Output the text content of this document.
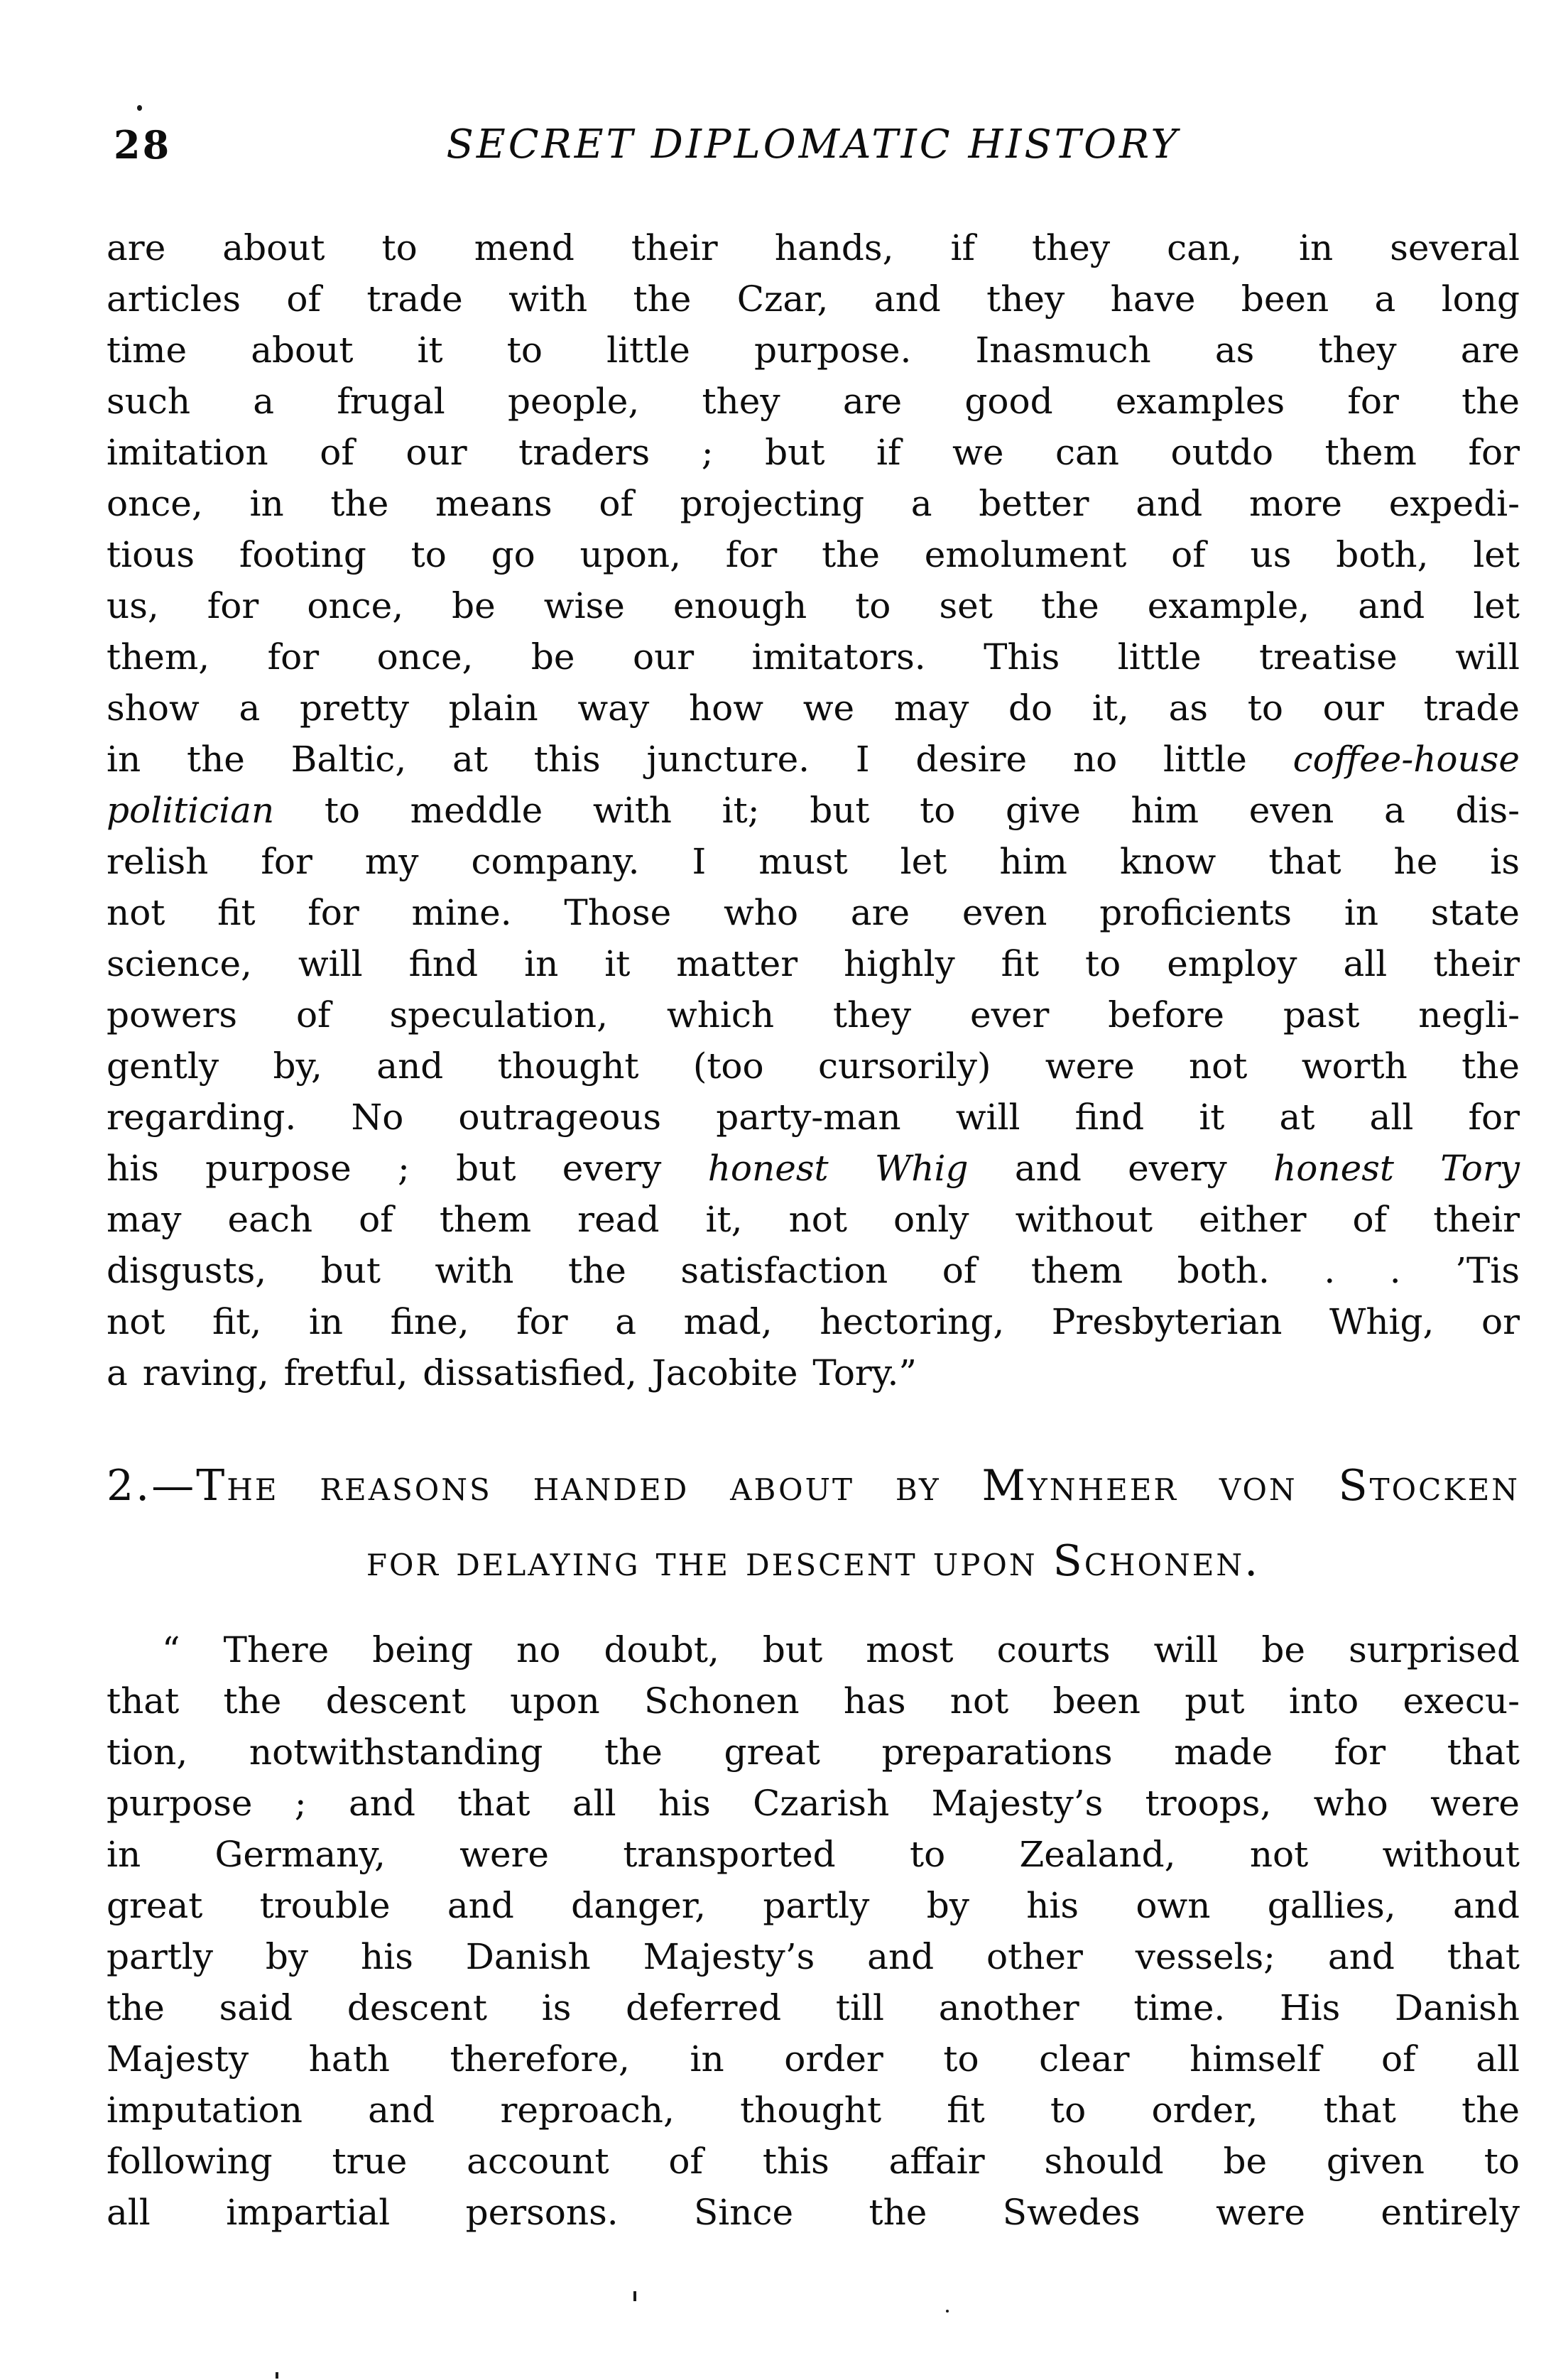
28	SECRET DIPLOMATIC HISTORY
are about to mend their hands, if they can, in several
articles of trade with the Czar, and they have been a long
time about it to little purpose. Inasmuch as they are
such a frugal people, they are good examples for the
imitation of our traders ; but if we can outdo them for
once, in the means of projecting a better and more expedi-
tious footing to go upon, for the emolument of us both, let
us, for once, be wise enough to set the example, and let
them, for once, be our imitators. This little treatise will
show a pretty plain way how we may do it, as to our trade
in the Baltic, at this juncture. I desire no little coffee-house
politician to meddle with it; but to give him even a dis-
relish for my company. I must let him know that he is
not fit for mine. Those who are even proficients in state
science, will find in it matter highly fit to employ all their
powers of speculation, which they ever before past negli-
gently by, and thought (too cursorily) were not worth the
regarding. No outrageous party-man will find it at all for
his purpose ; but every honest Whig and every honest Tory
may each of them read it, not only without either of their
disgusts, but with the satisfaction of them both. . . ’Tis
not fit, in fine, for a mad, hectoring, Presbyterian Whig, or
a raving, fretful, dissatisfied, Jacobite Tory.”
2.—The reasons handed about by Mynheer von Stocken
for delaying the descent upon Schonen.
“ There being no doubt, but most courts will be surprised
that the descent upon Schonen has not been put into execu-
tion, notwithstanding the great preparations made for that
purpose ; and that all his Czarish Majesty’s troops, who were
in Germany, were transported to Zealand, not without
great trouble and danger, partly by his own gallies, and
partly by his Danish Majesty’s and other vessels; and that
the said descent is deferred till another time. His Danish
Majesty hath therefore, in order to clear himself of all
imputation and reproach, thought fit to order, that the
following true account of this affair should be given to
all impartial persons. Since the Swedes were entirely
